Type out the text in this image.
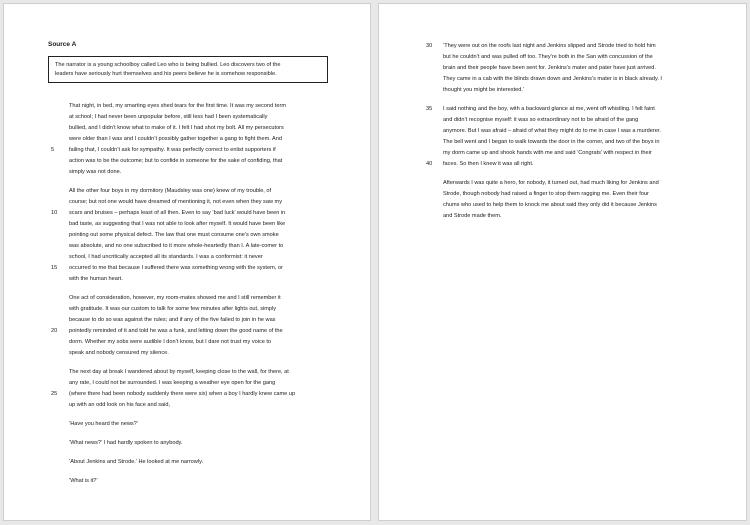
Source A
The narrator is a young schoolboy called Leo who is being bullied. Leo discovers two of the
leaders have seriously hurt themselves and his peers believe he is somehow responsible.
That night, in bed, my smarting eyes shed tears for the first time. It was my second term
at school; I had never been unpopular before, still less had I been systematically
bullied, and I didn’t know what to make of it. I felt I had shot my bolt. All my persecutors
were older than I was and I couldn’t possibly gather together a gang to fight them. And
failing that, I couldn’t ask for sympathy. It was perfectly correct to enlist supporters if
action was to be the outcome; but to confide in someone for the sake of confiding, that
simply was not done.
All the other four boys in my dormitory (Maudsley was one) knew of my trouble, of
course; but not one would have dreamed of mentioning it, not even when they saw my
scars and bruises – perhaps least of all then. Even to say ‘bad luck’ would have been in
bad taste, as suggesting that I was not able to look after myself. It would have been like
pointing out some physical defect. The law that one must consume one’s own smoke
was absolute, and no one subscribed to it more whole-heartedly than I. A late-comer to
school, I had uncritically accepted all its standards. I was a conformist: it never
occurred to me that because I suffered there was something wrong with the system, or
with the human heart.
One act of consideration, however, my room-mates showed me and I still remember it
with gratitude. It was our custom to talk for some few minutes after lights out, simply
because to do so was against the rules; and if any of the five failed to join in he was
pointedly reminded of it and told he was a funk, and letting down the good name of the
dorm. Whether my sobs were audible I don’t know, but I dare not trust my voice to
speak and nobody censured my silence.
The next day at break I wandered about by myself, keeping close to the wall, for there, at
any rate, I could not be surrounded. I was keeping a weather eye open for the gang
(where there had been nobody suddenly there were six) when a boy I hardly knew came up
up with an odd look on his face and said,
‘Have you heard the news?’
‘What news?’ I had hardly spoken to anybody.
‘About Jenkins and Strode.’ He looked at me narrowly.
‘What is it?’
5
10
15
20
25
‘They were out on the roofs last night and Jenkins slipped and Strode tried to hold him
but he couldn’t and was pulled off too. They’re both in the San with concussion of the
brain and their people have been sent for. Jenkins’s mater and pater have just arrived.
They came in a cab with the blinds drawn down and Jenkins’s mater is in black already. I
thought you might be interested.’
I said nothing and the boy, with a backward glance at me, went off whistling. I felt faint
and didn’t recognise myself: it was so extraordinary not to be afraid of the gang
anymore. But I was afraid – afraid of what they might do to me in case I was a murderer.
The bell went and I began to walk towards the door in the corner, and two of the boys in
my dorm came up and shook hands with me and said ‘Congrats’ with respect in their
faces. So then I knew it was all right.
Afterwards I was quite a hero, for nobody, it turned out, had much liking for Jenkins and
Strode, though nobody had raised a finger to stop them ragging me. Even their four
chums who used to help them to knock me about said they only did it because Jenkins
and Strode made them.
30
35
40
